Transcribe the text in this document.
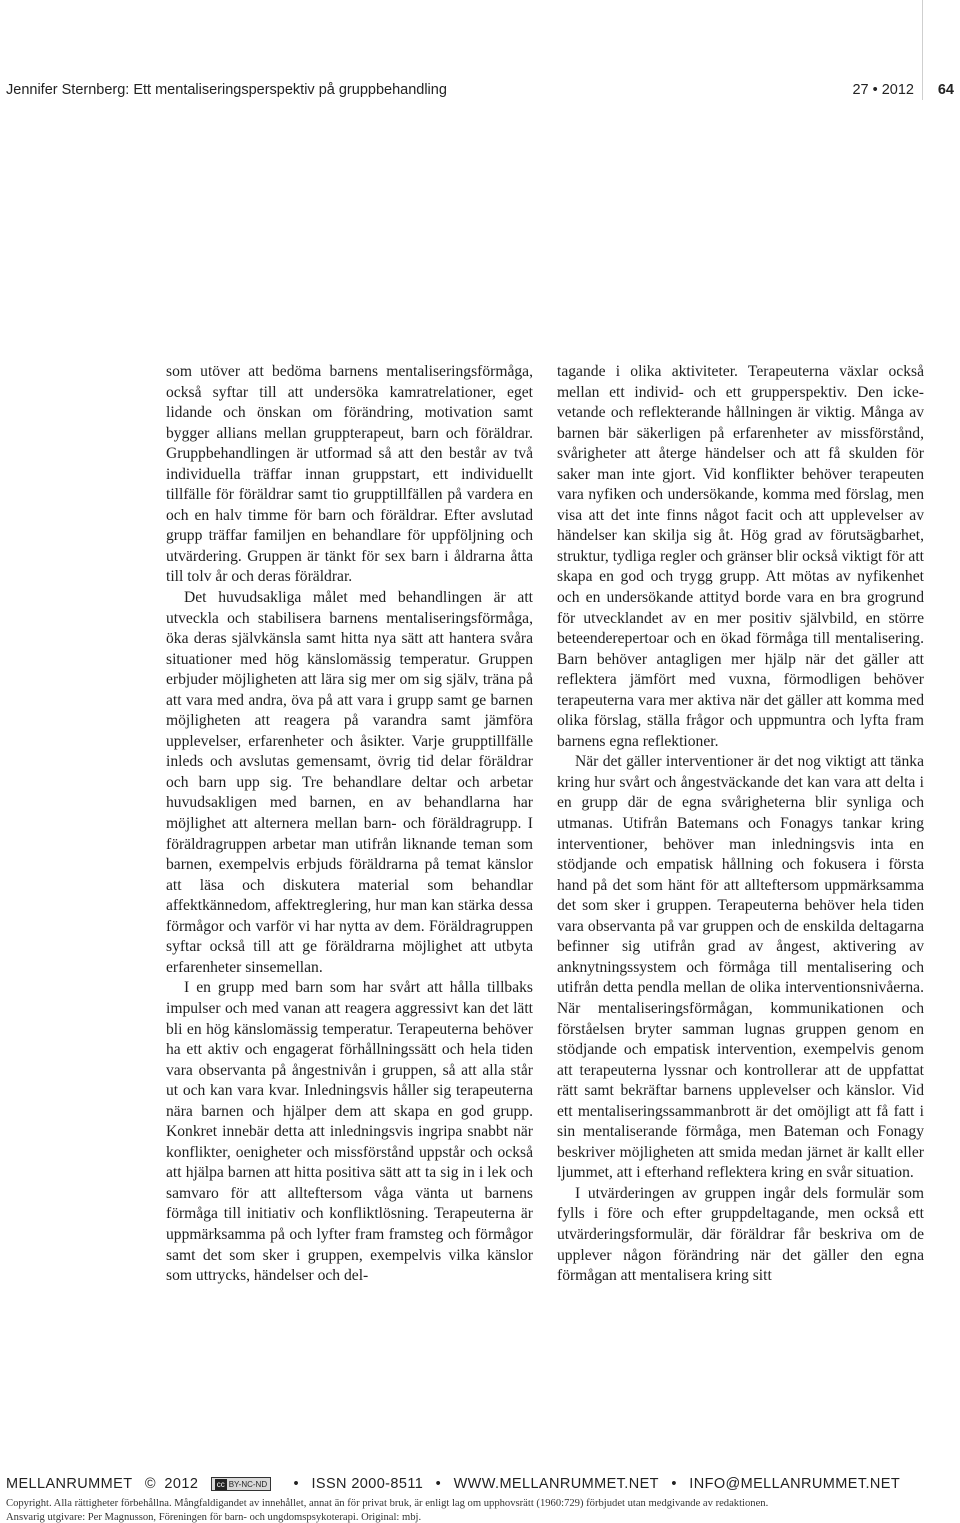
Jennifer Sternberg: Ett mentaliseringsperspektiv på gruppbehandling	27 • 2012 64

som utöver att bedöma barnens mentaliseringsförmåga, också syftar till att undersöka kamratrelationer, eget lidande och önskan om förändring, motivation samt bygger allians mellan gruppterapeut, barn och föräldrar. Gruppbehandlingen är utformad så att den består av två individuella träffar innan gruppstart, ett individuellt tillfälle för föräldrar samt tio grupptillfällen på vardera en och en halv timme för barn och föräldrar. Efter avslutad grupp träffar familjen en behandlare för uppföljning och utvärdering. Gruppen är tänkt för sex barn i åldrarna åtta till tolv år och deras föräldrar.

Det huvudsakliga målet med behandlingen är att utveckla och stabilisera barnens mentaliseringsförmåga, öka deras självkänsla samt hitta nya sätt att hantera svåra situationer med hög känslomässig temperatur. Gruppen erbjuder möjligheten att lära sig mer om sig själv, träna på att vara med andra, öva på att vara i grupp samt ge barnen möjligheten att reagera på varandra samt jämföra upplevelser, erfarenheter och åsikter. Varje grupptillfälle inleds och avslutas gemensamt, övrig tid delar föräldrar och barn upp sig. Tre behandlare deltar och arbetar huvudsakligen med barnen, en av behandlarna har möjlighet att alternera mellan barn- och föräldragrupp. I föräldragruppen arbetar man utifrån liknande teman som barnen, exempelvis erbjuds föräldrarna på temat känslor att läsa och diskutera material som behandlar affektkännedom, affektreglering, hur man kan stärka dessa förmågor och varför vi har nytta av dem. Föräldragruppen syftar också till att ge föräldrarna möjlighet att utbyta erfarenheter sinsemellan.

I en grupp med barn som har svårt att hålla tillbaks impulser och med vanan att reagera aggressivt kan det lätt bli en hög känslomässig temperatur. Terapeuterna behöver ha ett aktiv och engagerat förhållningssätt och hela tiden vara observanta på ångestnivån i gruppen, så att alla står ut och kan vara kvar. Inledningsvis håller sig terapeuterna nära barnen och hjälper dem att skapa en god grupp. Konkret innebär detta att inledningsvis ingripa snabbt när konflikter, oenigheter och missförstånd uppstår och också att hjälpa barnen att hitta positiva sätt att ta sig in i lek och samvaro för att allteftersom våga vänta ut barnens förmåga till initiativ och konfliktlösning. Terapeuterna är uppmärksamma på och lyfter fram framsteg och förmågor samt det som sker i gruppen, exempelvis vilka känslor som uttrycks, händelser och del-

tagande i olika aktiviteter. Terapeuterna växlar också mellan ett individ- och ett grupperspektiv. Den icke-vetande och reflekterande hållningen är viktig. Många av barnen bär säkerligen på erfarenheter av missförstånd, svårigheter att återge händelser och att få skulden för saker man inte gjort. Vid konflikter behöver terapeuten vara nyfiken och undersökande, komma med förslag, men visa att det inte finns något facit och att upplevelser av händelser kan skilja sig åt. Hög grad av förutsägbarhet, struktur, tydliga regler och gränser blir också viktigt för att skapa en god och trygg grupp. Att mötas av nyfikenhet och en undersökande attityd borde vara en bra grogrund för utvecklandet av en mer positiv självbild, en större beteenderepertoar och en ökad förmåga till mentalisering. Barn behöver antagligen mer hjälp när det gäller att reflektera jämfört med vuxna, förmodligen behöver terapeuterna vara mer aktiva när det gäller att komma med olika förslag, ställa frågor och uppmuntra och lyfta fram barnens egna reflektioner.

När det gäller interventioner är det nog viktigt att tänka kring hur svårt och ångestväckande det kan vara att delta i en grupp där de egna svårigheterna blir synliga och utmanas. Utifrån Batemans och Fonagys tankar kring interventioner, behöver man inledningsvis inta en stödjande och empatisk hållning och fokusera i första hand på det som hänt för att allteftersom uppmärksamma det som sker i gruppen. Terapeuterna behöver hela tiden vara observanta på var gruppen och de enskilda deltagarna befinner sig utifrån grad av ångest, aktivering av anknytningssystem och förmåga till mentalisering och utifrån detta pendla mellan de olika interventionsnivåerna. När mentaliseringsförmågan, kommunikationen och förståelsen bryter samman lugnas gruppen genom en stödjande och empatisk intervention, exempelvis genom att terapeuterna lyssnar och kontrollerar att de uppfattat rätt samt bekräftar barnens upplevelser och känslor. Vid ett mentaliseringssammanbrott är det omöjligt att få fatt i sin mentaliserande förmåga, men Bateman och Fonagy beskriver möjligheten att smida medan järnet är kallt eller ljummet, att i efterhand reflektera kring en svår situation.

I utvärderingen av gruppen ingår dels formulär som fylls i före och efter gruppdeltagande, men också ett utvärderingsformulär, där föräldrar får beskriva om de upplever någon förändring när det gäller den egna förmågan att mentalisera kring sitt

MELLANRUMMET © 2012 cc BY-NC-ND • ISSN 2000-8511 • WWW.MELLANRUMMET.NET • INFO@MELLANRUMMET.NET
Copyright. Alla rättigheter förbehållna. Mångfaldigandet av innehållet, annat än för privat bruk, är enligt lag om upphovsrätt (1960:729) förbjudet utan medgivande av redaktionen.
Ansvarig utgivare: Per Magnusson, Föreningen för barn- och ungdomspsykoterapi. Original: mbj.
